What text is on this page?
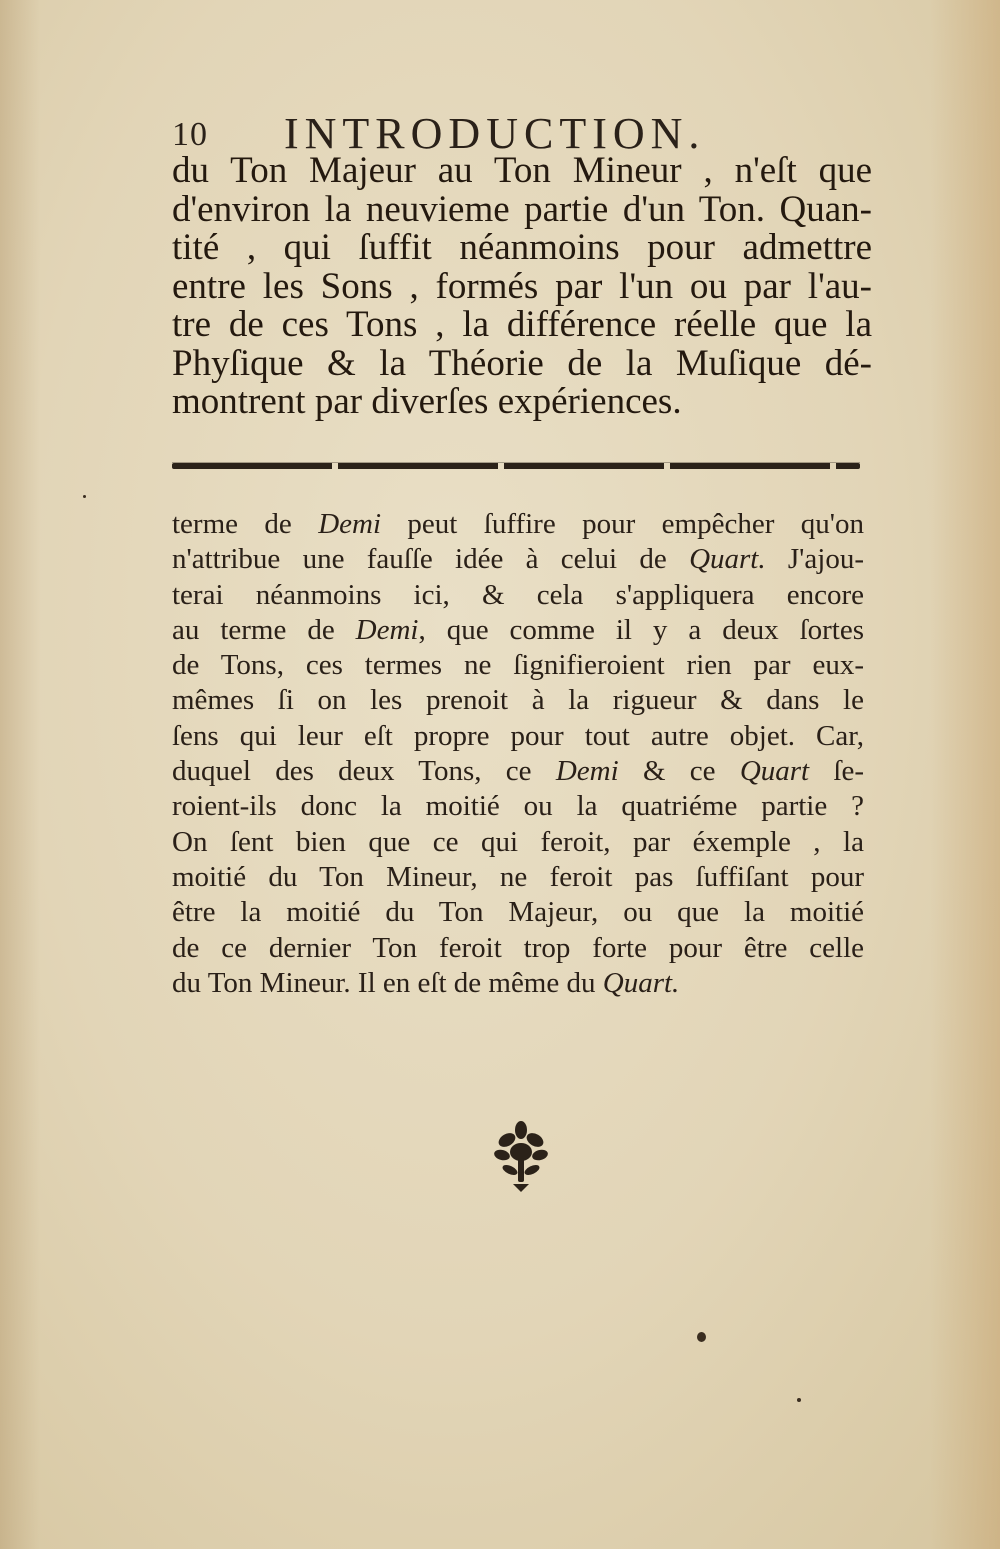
10 INTRODUCTION.
du Ton Majeur au Ton Mineur , n'eſt que
d'environ la neuvieme partie d'un Ton. Quan-
tité , qui ſuffit néanmoins pour admettre
entre les Sons , formés par l'un ou par l'au-
tre de ces Tons , la différence réelle que la
Phyſique & la Théorie de la Muſique dé-
montrent par diverſes expériences.
terme de Demi peut ſuffire pour empêcher qu'on
n'attribue une fauſſe idée à celui de Quart. J'ajou-
terai néanmoins ici, & cela s'appliquera encore
au terme de Demi, que comme il y a deux ſortes
de Tons, ces termes ne ſignifieroient rien par eux-
mêmes ſi on les prenoit à la rigueur & dans le
ſens qui leur eſt propre pour tout autre objet. Car,
duquel des deux Tons, ce Demi & ce Quart ſe-
roient-ils donc la moitié ou la quatriéme partie ?
On ſent bien que ce qui feroit, par éxemple , la
moitié du Ton Mineur, ne feroit pas ſuffiſant pour
être la moitié du Ton Majeur, ou que la moitié
de ce dernier Ton feroit trop forte pour être celle
du Ton Mineur. Il en eſt de même du Quart.
